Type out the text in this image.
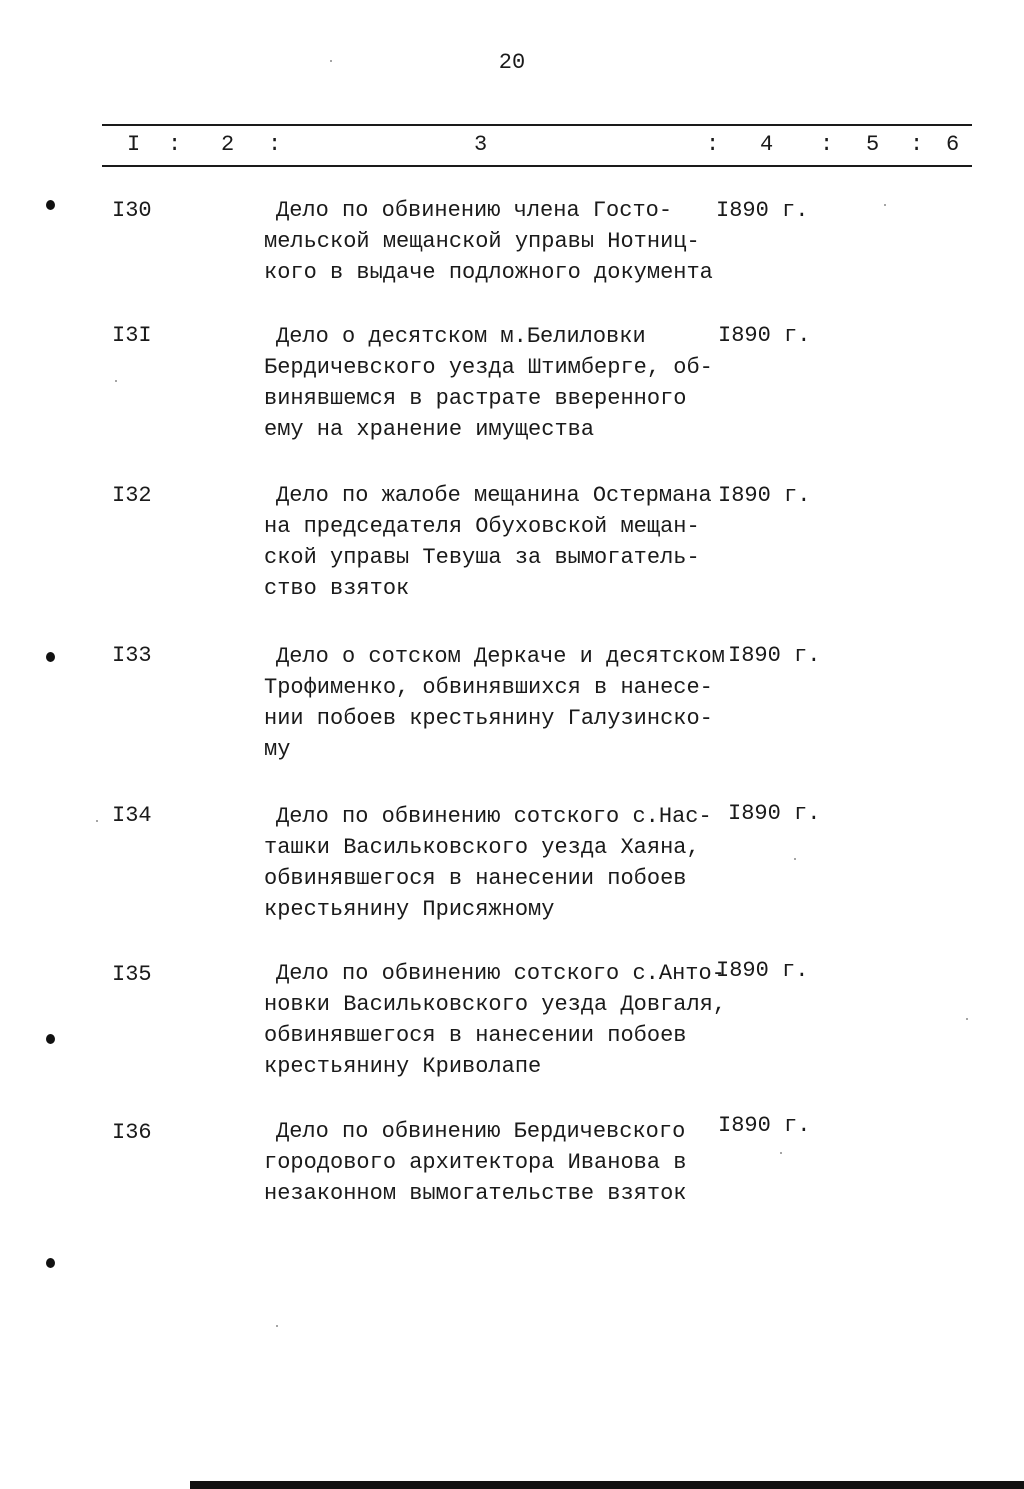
20
I : 2 :	3	: 4 : 5 : 6
I30	Дело по обвинению члена Госто-
мельской мещанской управы Нотниц-
кого в выдаче подложного документа
I890 г.
I3I	Дело о десятском м.Белиловки
Бердичевского уезда Штимберге, об-
винявшемся в растрате вверенного
ему на хранение имущества
I890 г.
I32	Дело по жалобе мещанина Остермана
на председателя Обуховской мещан-
ской управы Тевуша за вымогатель-
ство взяток
I890 г.
I33	Дело о сотском Деркаче и десятском
Трофименко, обвинявшихся в нанесе-
нии побоев крестьянину Галузинско-
му
I890 г.
I34	Дело по обвинению сотского с.Нас-
ташки Васильковского уезда Хаяна,
обвинявшегося в нанесении побоев
крестьянину Присяжному
I890 г.
I35	Дело по обвинению сотского с.Анто-
новки Васильковского уезда Довгаля,
обвинявшегося в нанесении побоев
крестьянину Криволапе
I890 г.
I36	Дело по обвинению Бердичевского
городового архитектора Иванова в
незаконном вымогательстве взяток
I890 г.
